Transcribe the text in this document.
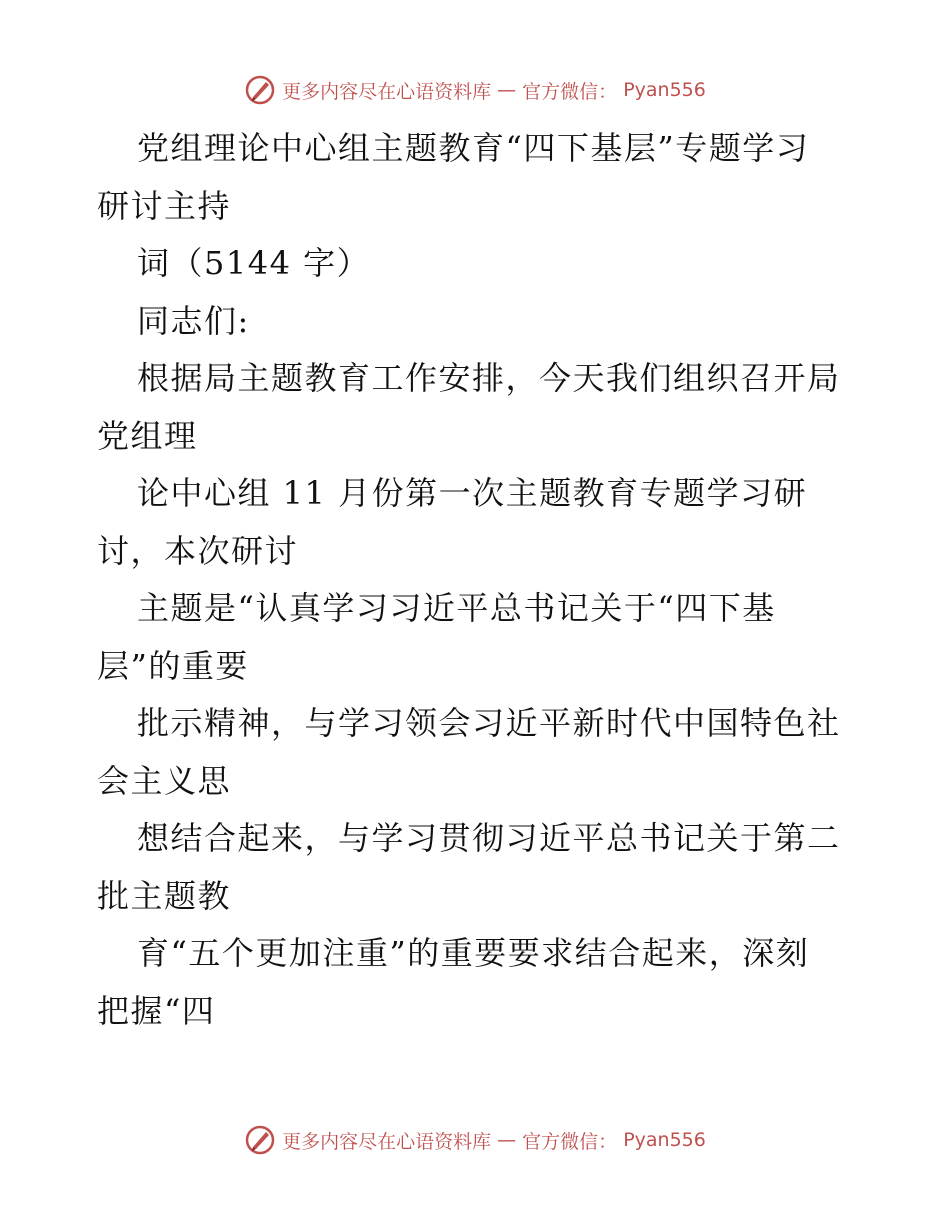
更多内容尽在心语资料库 — 官方微信： Pyan556
党组理论中心组主题教育“四下基层”专题学习
研讨主持
词（5144 字）
同志们:
根据局主题教育工作安排，今天我们组织召开局
党组理
论中心组 11 月份第一次主题教育专题学习研
讨，本次研讨
主题是“认真学习习近平总书记关于“四下基
层”的重要
批示精神，与学习领会习近平新时代中国特色社
会主义思
想结合起来，与学习贯彻习近平总书记关于第二
批主题教
育“五个更加注重”的重要要求结合起来，深刻
把握“四
更多内容尽在心语资料库 — 官方微信： Pyan556
